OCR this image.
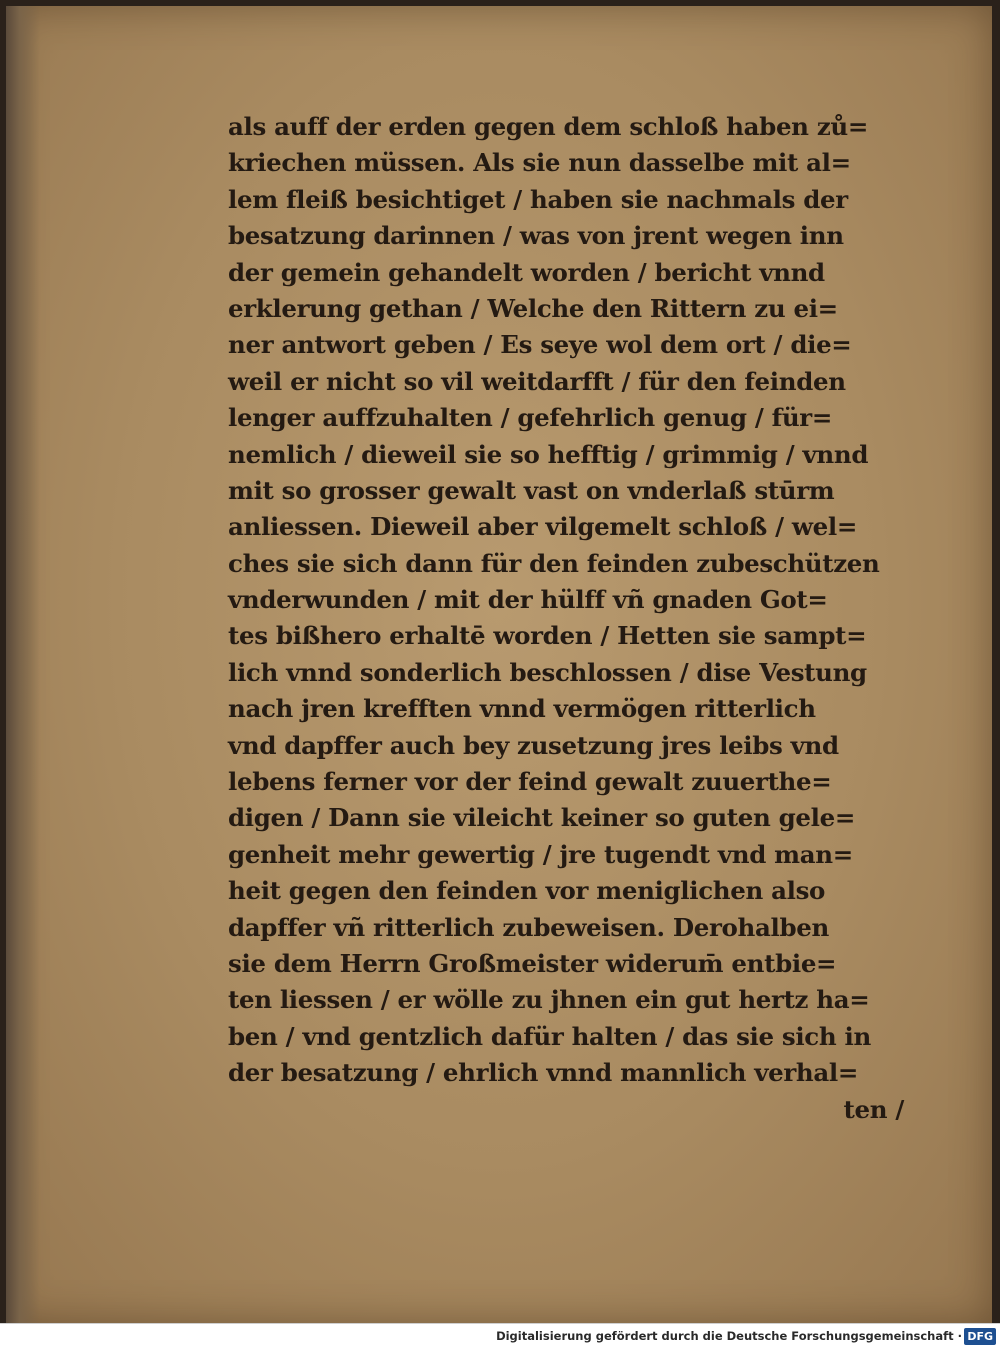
als auff der erden gegen dem schloß haben zů=
kriechen müssen. Als sie nun dasselbe mit al=
lem fleiß besichtiget / haben sie nachmals der
besatzung darinnen / was von jrent wegen inn
der gemein gehandelt worden / bericht vnnd
erklerung gethan / Welche den Rittern zu ei=
ner antwort geben / Es seye wol dem ort / die=
weil er nicht so vil weitdarfft / für den feinden
lenger auffzuhalten / gefehrlich genug / für=
nemlich / dieweil sie so hefftig / grimmig / vnnd
mit so grosser gewalt vast on vnderlaß stūrm
anliessen. Dieweil aber vilgemelt schloß / wel=
ches sie sich dann für den feinden zubeschützen
vnderwunden / mit der hülff vñ gnaden Got=
tes bißhero erhaltē worden / Hetten sie sampt=
lich vnnd sonderlich beschlossen / dise Vestung
nach jren krefften vnnd vermögen ritterlich
vnd dapffer auch bey zusetzung jres leibs vnd
lebens ferner vor der feind gewalt zuuerthe=
digen / Dann sie vileicht keiner so guten gele=
genheit mehr gewertig / jre tugendt vnd man=
heit gegen den feinden vor meniglichen also
dapffer vñ ritterlich zubeweisen. Derohalben
sie dem Herrn Großmeister widerum̄ entbie=
ten liessen / er wölle zu jhnen ein gut hertz ha=
ben / vnd gentzlich dafür halten / das sie sich in
der besatzung / ehrlich vnnd mannlich verhal=
ten /
Digitalisierung gefördert durch die Deutsche Forschungsgemeinschaft · DFG
